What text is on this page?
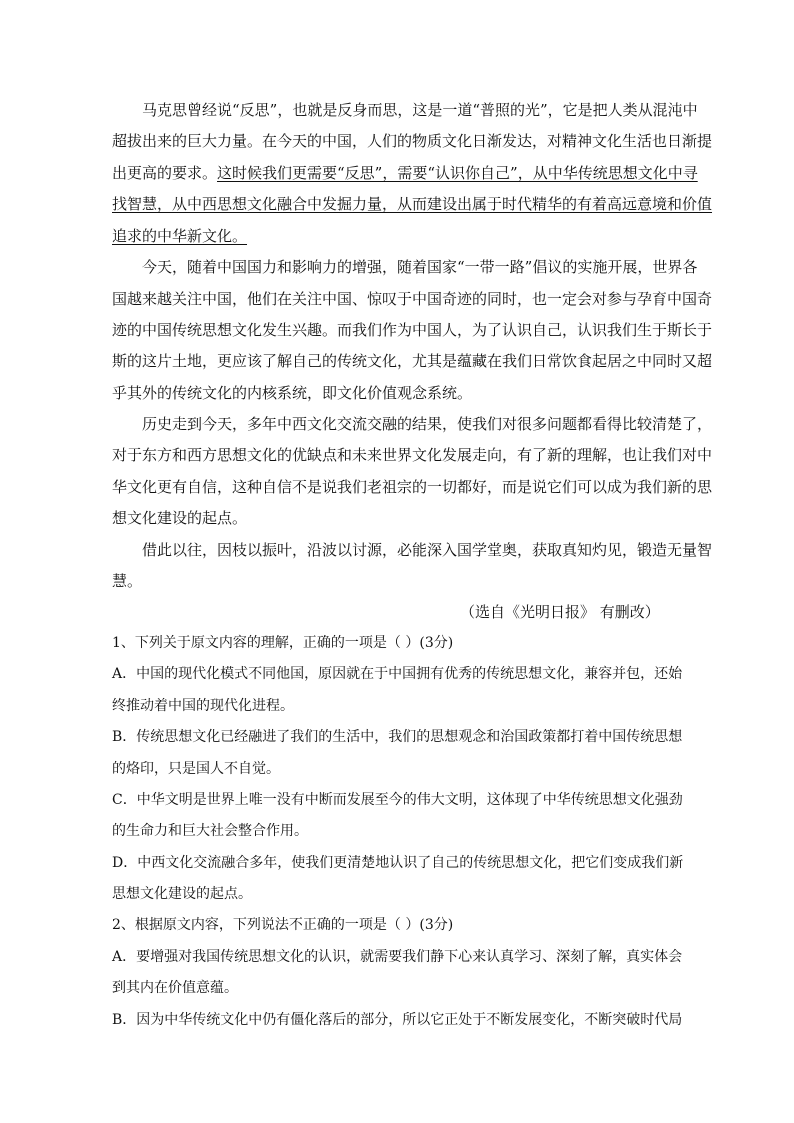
马克思曾经说“反思”，也就是反身而思，这是一道“普照的光”，它是把人类从混沌中
超拔出来的巨大力量。在今天的中国，人们的物质文化日渐发达，对精神文化生活也日渐提
出更高的要求。这时候我们更需要“反思”，需要“认识你自己”，从中华传统思想文化中寻
找智慧，从中西思想文化融合中发掘力量，从而建设出属于时代精华的有着高远意境和价值
追求的中华新文化。
今天，随着中国国力和影响力的增强，随着国家“一带一路”倡议的实施开展，世界各
国越来越关注中国，他们在关注中国、惊叹于中国奇迹的同时，也一定会对参与孕育中国奇
迹的中国传统思想文化发生兴趣。而我们作为中国人，为了认识自己，认识我们生于斯长于
斯的这片土地，更应该了解自己的传统文化，尤其是蕴藏在我们日常饮食起居之中同时又超
乎其外的传统文化的内核系统，即文化价值观念系统。
历史走到今天，多年中西文化交流交融的结果，使我们对很多问题都看得比较清楚了，
对于东方和西方思想文化的优缺点和未来世界文化发展走向，有了新的理解，也让我们对中
华文化更有自信，这种自信不是说我们老祖宗的一切都好，而是说它们可以成为我们新的思
想文化建设的起点。
借此以往，因枝以振叶，沿波以讨源，必能深入国学堂奥，获取真知灼见，锻造无量智
慧。
（选自《光明日报》 有删改）
1、下列关于原文内容的理解，正确的一项是（ ）(3分)
A．中国的现代化模式不同他国，原因就在于中国拥有优秀的传统思想文化，兼容并包，还始
终推动着中国的现代化进程。
B．传统思想文化已经融进了我们的生活中，我们的思想观念和治国政策都打着中国传统思想
的烙印，只是国人不自觉。
C．中华文明是世界上唯一没有中断而发展至今的伟大文明，这体现了中华传统思想文化强劲
的生命力和巨大社会整合作用。
D．中西文化交流融合多年，使我们更清楚地认识了自己的传统思想文化，把它们变成我们新
思想文化建设的起点。
2、根据原文内容，下列说法不正确的一项是（ ）(3分)
A．要增强对我国传统思想文化的认识，就需要我们静下心来认真学习、深刻了解，真实体会
到其内在价值意蕴。
B．因为中华传统文化中仍有僵化落后的部分，所以它正处于不断发展变化，不断突破时代局
